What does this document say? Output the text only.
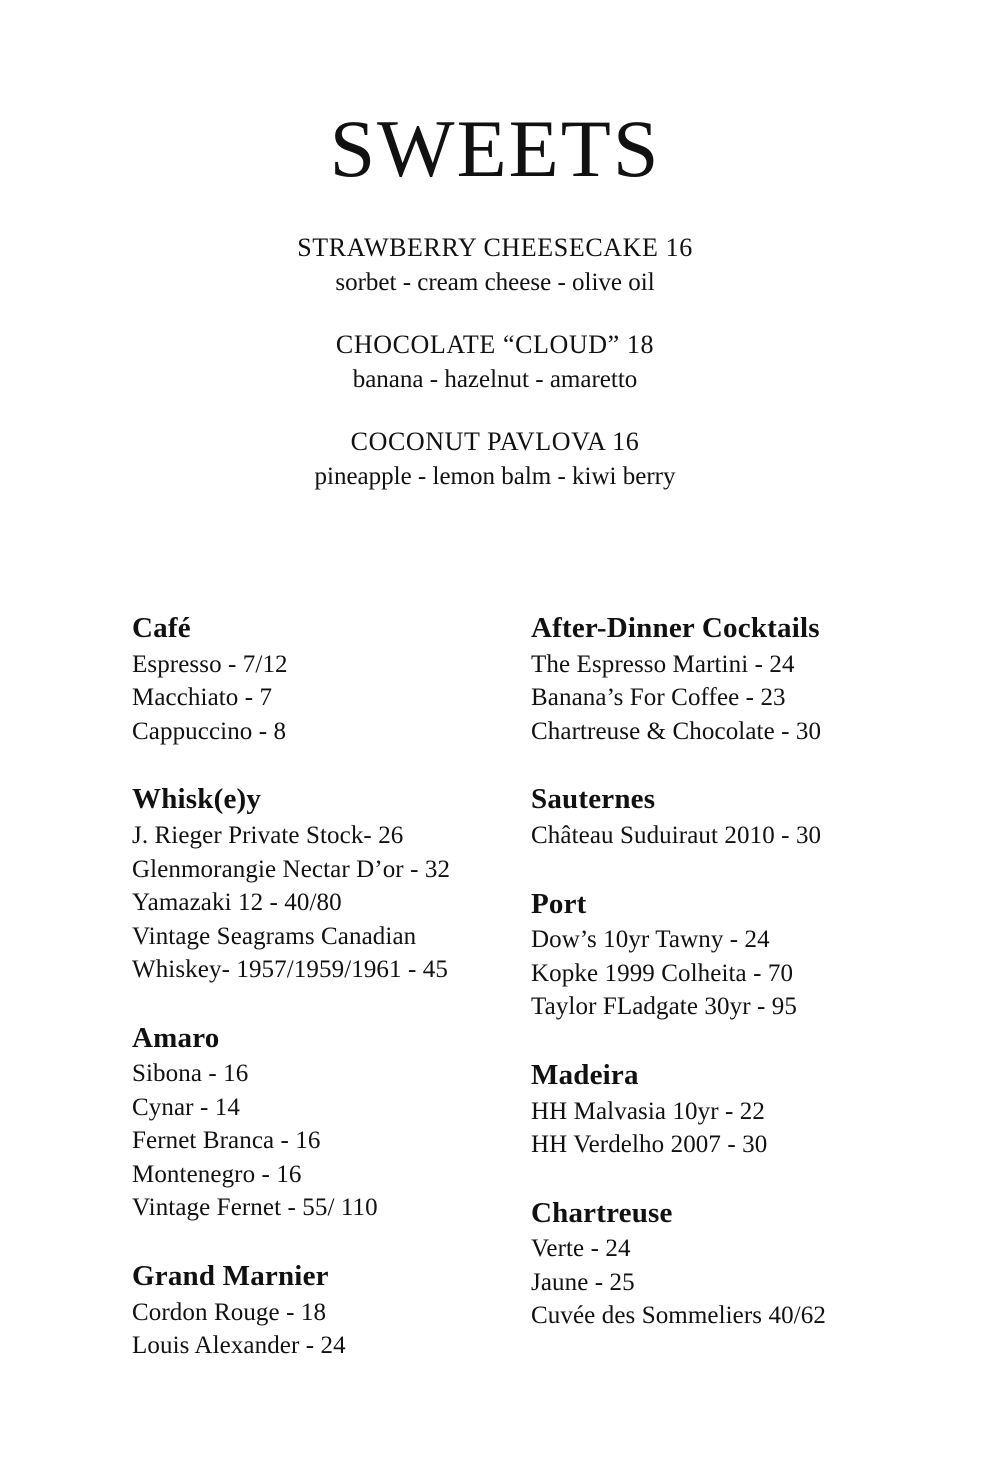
SWEETS
STRAWBERRY CHEESECAKE 16
sorbet - cream cheese - olive oil
CHOCOLATE “CLOUD” 18
banana - hazelnut - amaretto
COCONUT PAVLOVA 16
pineapple - lemon balm - kiwi berry
Café
Espresso - 7/12
Macchiato - 7
Cappuccino - 8
Whisk(e)y
J. Rieger Private Stock- 26
Glenmorangie Nectar D’or - 32
Yamazaki 12 - 40/80
Vintage Seagrams Canadian
Whiskey- 1957/1959/1961 - 45
Amaro
Sibona - 16
Cynar - 14
Fernet Branca - 16
Montenegro - 16
Vintage Fernet - 55/ 110
Grand Marnier
Cordon Rouge - 18
Louis Alexander - 24
After-Dinner Cocktails
The Espresso Martini - 24
Banana’s For Coffee - 23
Chartreuse & Chocolate - 30
Sauternes
Château Suduiraut 2010 - 30
Port
Dow’s 10yr Tawny - 24
Kopke 1999 Colheita - 70
Taylor FLadgate 30yr - 95
Madeira
HH Malvasia 10yr - 22
HH Verdelho 2007 - 30
Chartreuse
Verte - 24
Jaune - 25
Cuvée des Sommeliers 40/62
